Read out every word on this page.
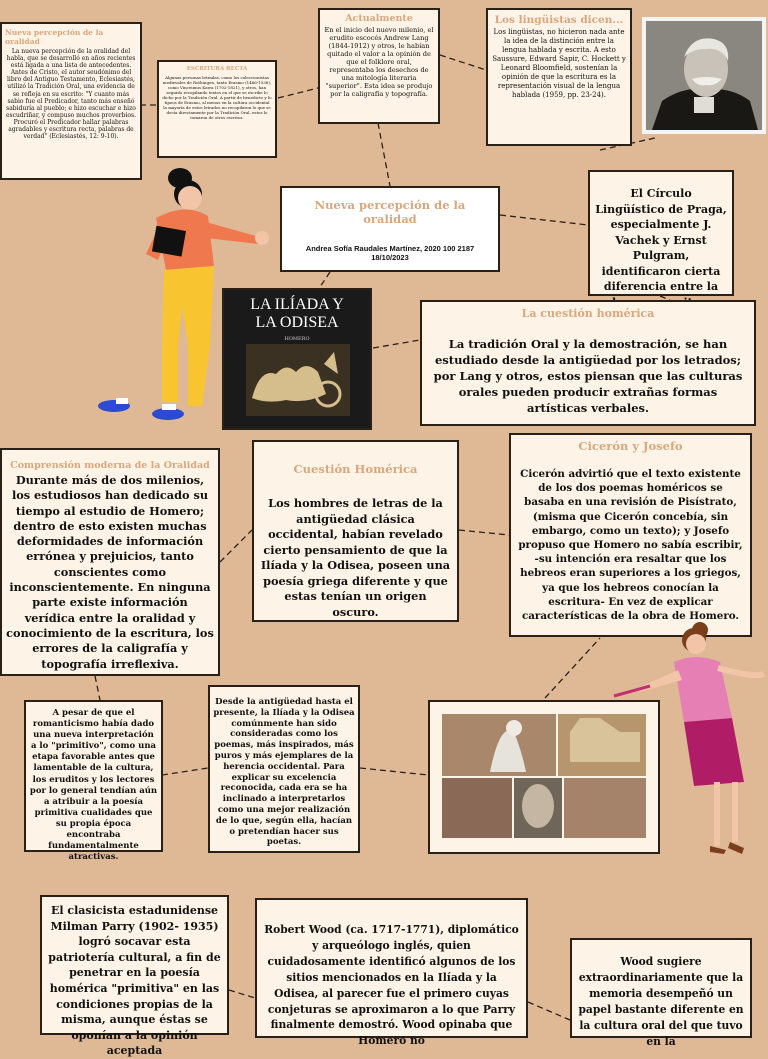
Nueva percepción de la oralidad
La nueva percepción de la oralidad del habla, que se desarrolló en años recientes está ligada a una lista de antecedentes. Antes de Cristo, el autor seudónimo del libro del Antiguo Testamento, Eclesiastés, utilizó la Tradición Oral, una evidencia de se refleja en su escrito: "Y cuanto más sabio fue el Predicador, tanto más enseñó sabiduría al pueblo; e hizo escuchar e hizo escudriñar, y compuso muchos proverbios. Procuró el Predicador hallar palabras agradables y escritura recta, palabras de verdad" (Eclesiastés, 12: 9-10).
ESCRITURA RECTA
Algunas personas letradas, como los coleccionistas medievales de Rothingen, tanto Erasmo (1466-1536), como Vinceimus Kawa (1702-1821), y otros, han seguido recopilando textos en el que se escribe lo dicho por la Tradición Oral. A partir de benedicto y lo tipeos de Erasmo, al menos en la cultura occidental la mayoría de estos letrados no recopilaron lo que se decía directamente por la Tradición Oral, estos lo tomaron de otros escritos.
Actualmente
En el inicio del nuevo milenio, el erudito escocés Andrew Lang (1844-1912) y otros, le habían quitado el valor a la opinión de que el folklore oral, representaba los desechos de una mitología literaria "superior". Esta idea se produjo por la caligrafía y topografía.
Los lingüistas dicen...
Los lingüistas, no hicieron nada ante la idea de la distinción entre la lengua hablada y escrita. A esto Saussure, Edward Sapir, C. Hockett y Leonard Bloomfield, sostenían la opinión de que la escritura es la representación visual de la lengua hablada (1959, pp. 23-24).
Nueva percepción de la oralidad
Andrea Sofía Raudales Martínez, 2020 100 2187
18/10/2023
El Círculo Lingüístico de Praga, especialmente J. Vachek y Ernst Pulgram, identificaron cierta diferencia entre la
LA ILÍADA Y
LA ODISEA
HOMERO
La cuestión homérica
La tradición Oral y la demostración, se han estudiado desde la antigüedad por los letrados; por Lang y otros, estos piensan que las culturas orales pueden producir extrañas formas artísticas verbales.
Comprensión moderna de la Oralidad
Durante más de dos milenios, los estudiosos han dedicado su tiempo al estudio de Homero; dentro de esto existen muchas deformidades de información errónea y prejuicios, tanto conscientes como inconscientemente. En ninguna parte existe información verídica entre la oralidad y conocimiento de la escritura, los errores de la caligrafía y topografía irreflexiva.
Cuestión Homérica
Los hombres de letras de la antigüedad clásica occidental, habían revelado cierto pensamiento de que la Ilíada y la Odisea, poseen una poesía griega diferente y que estas tenían un origen oscuro.
Cicerón y Josefo
Cicerón advirtió que el texto existente de los dos poemas homéricos se basaba en una revisión de Pisístrato, (misma que Cicerón concebía, sin embargo, como un texto); y Josefo propuso que Homero no sabía escribir, -su intención era resaltar que los hebreos eran superiores a los griegos, ya que los hebreos conocían la escritura- En vez de explicar características de la obra de Homero.
A pesar de que el romanticismo había dado una nueva interpretación a lo "primitivo", como una etapa favorable antes que lamentable de la cultura, los eruditos y los lectores por lo general tendían aún a atribuir a la poesía primitiva cualidades que su propia época encontraba fundamentalmente atractivas.
Desde la antigüedad hasta el presente, la Ilíada y la Odisea comúnmente han sido consideradas como los poemas, más inspirados, más puros y más ejemplares de la herencia occidental. Para explicar su excelencia reconocida, cada era se ha inclinado a interpretarlos como una mejor realización de lo que, según ella, hacían o pretendían hacer sus poetas.
El clasicista estadunidense Milman Parry (1902- 1935) logró socavar esta patriotería cultural, a fin de penetrar en la poesía homérica "primitiva" en las condiciones propias de la misma, aunque éstas se oponían a la opinión aceptada
Robert Wood (ca. 1717-1771), diplomático y arqueólogo inglés, quien cuidadosamente identificó algunos de los sitios mencionados en la Ilíada y la Odisea, al parecer fue el primero cuyas conjeturas se aproximaron a lo que Parry finalmente demostró. Wood opinaba que Homero no
Wood sugiere extraordinariamente que la memoria desempeñó un papel bastante diferente en la cultura oral del que tuvo en la
